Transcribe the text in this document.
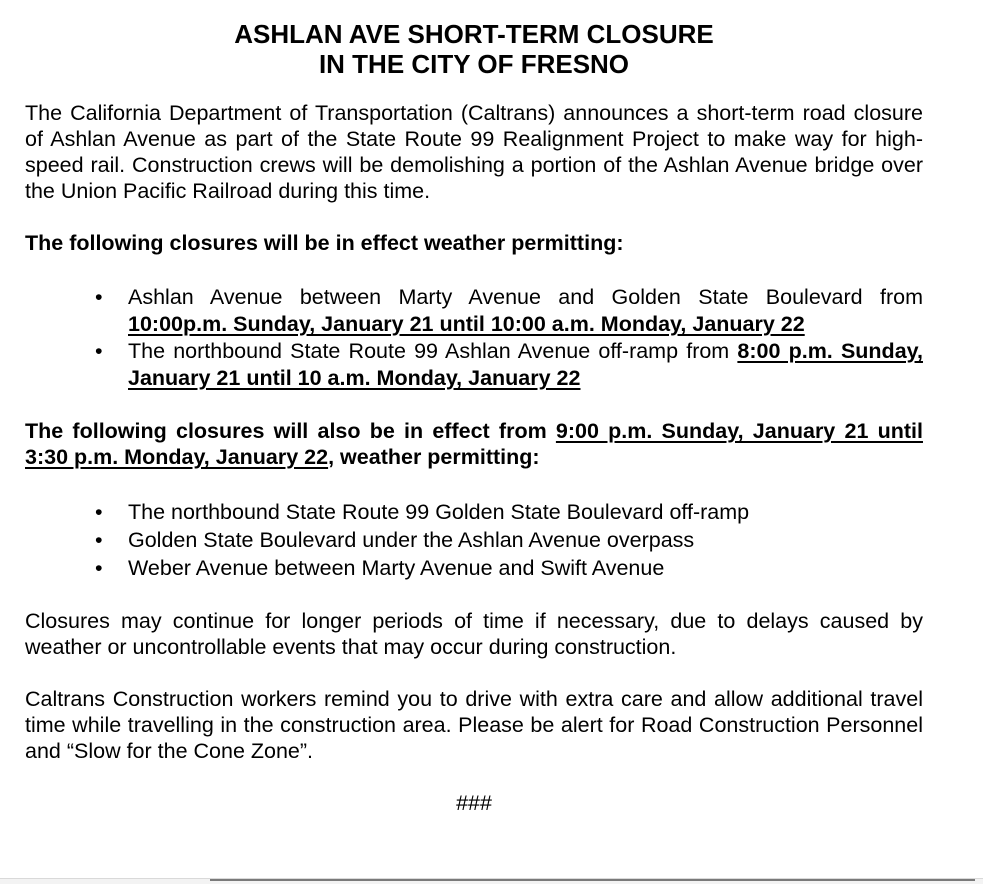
ASHLAN AVE SHORT-TERM CLOSURE
IN THE CITY OF FRESNO

The California Department of Transportation (Caltrans) announces a short-term road closure of Ashlan Avenue as part of the State Route 99 Realignment Project to make way for high-speed rail. Construction crews will be demolishing a portion of the Ashlan Avenue bridge over the Union Pacific Railroad during this time.

The following closures will be in effect weather permitting:

• Ashlan Avenue between Marty Avenue and Golden State Boulevard from 10:00p.m. Sunday, January 21 until 10:00 a.m. Monday, January 22
• The northbound State Route 99 Ashlan Avenue off-ramp from 8:00 p.m. Sunday, January 21 until 10 a.m. Monday, January 22

The following closures will also be in effect from 9:00 p.m. Sunday, January 21 until 3:30 p.m. Monday, January 22, weather permitting:

• The northbound State Route 99 Golden State Boulevard off-ramp
• Golden State Boulevard under the Ashlan Avenue overpass
• Weber Avenue between Marty Avenue and Swift Avenue

Closures may continue for longer periods of time if necessary, due to delays caused by weather or uncontrollable events that may occur during construction.

Caltrans Construction workers remind you to drive with extra care and allow additional travel time while travelling in the construction area. Please be alert for Road Construction Personnel and “Slow for the Cone Zone”.

###
